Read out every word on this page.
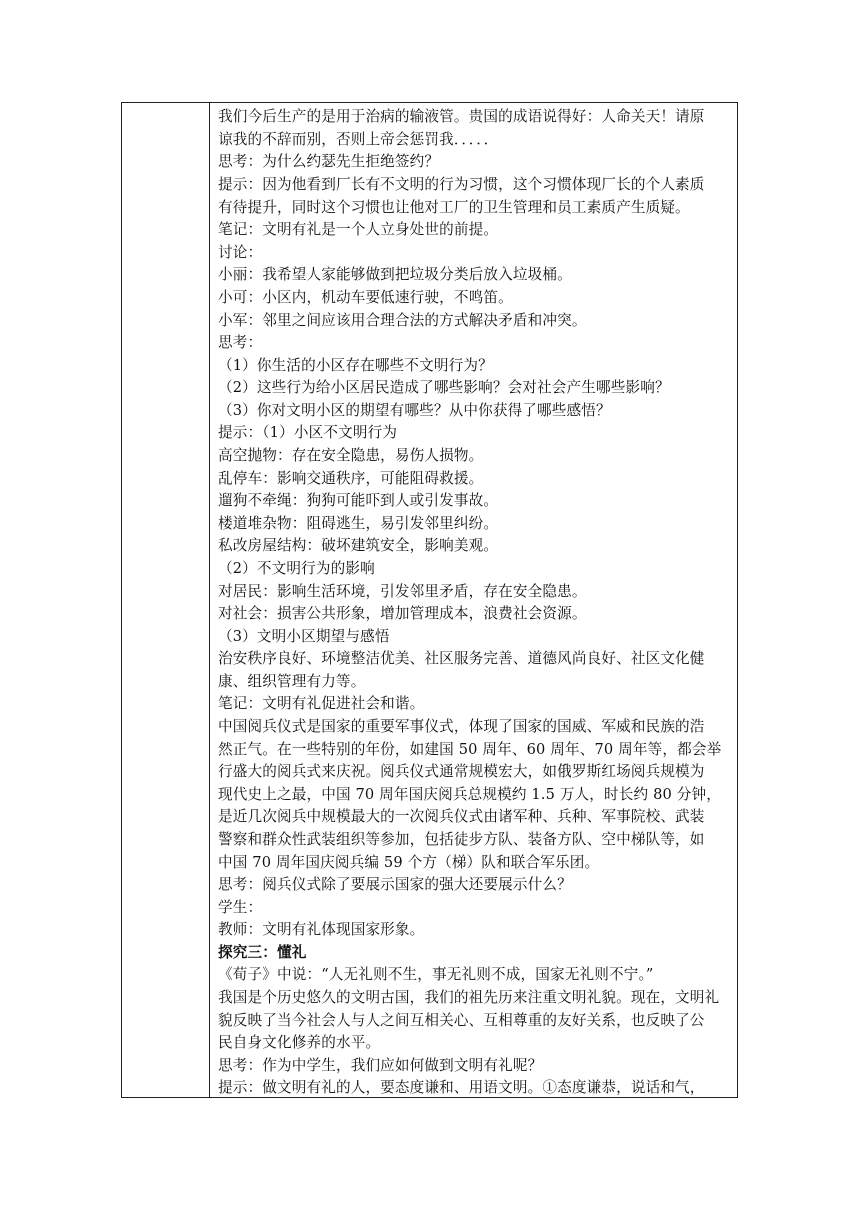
我们今后生产的是用于治病的输液管。贵国的成语说得好：人命关天！请原
谅我的不辞而别，否则上帝会惩罚我．．．．．
思考：为什么约瑟先生拒绝签约？
提示：因为他看到厂长有不文明的行为习惯，这个习惯体现厂长的个人素质
有待提升，同时这个习惯也让他对工厂的卫生管理和员工素质产生质疑。
笔记：文明有礼是一个人立身处世的前提。
讨论：
小丽：我希望人家能够做到把垃圾分类后放入垃圾桶。
小可：小区内，机动车要低速行驶，不鸣笛。
小军：邻里之间应该用合理合法的方式解决矛盾和冲突。
思考：
（1）你生活的小区存在哪些不文明行为？
（2）这些行为给小区居民造成了哪些影响？会对社会产生哪些影响？
（3）你对文明小区的期望有哪些？从中你获得了哪些感悟？
提示：（1）小区不文明行为
高空抛物：存在安全隐患，易伤人损物。
乱停车：影响交通秩序，可能阻碍救援。
遛狗不牵绳：狗狗可能吓到人或引发事故。
楼道堆杂物：阻碍逃生，易引发邻里纠纷。
私改房屋结构：破坏建筑安全，影响美观。
（2）不文明行为的影响
对居民：影响生活环境，引发邻里矛盾，存在安全隐患。
对社会：损害公共形象，增加管理成本，浪费社会资源。
（3）文明小区期望与感悟
治安秩序良好、环境整洁优美、社区服务完善、道德风尚良好、社区文化健
康、组织管理有力等。
笔记：文明有礼促进社会和谐。
中国阅兵仪式是国家的重要军事仪式，体现了国家的国威、军威和民族的浩
然正气。在一些特别的年份，如建国 50 周年、60 周年、70 周年等，都会举
行盛大的阅兵式来庆祝。阅兵仪式通常规模宏大，如俄罗斯红场阅兵规模为
现代史上之最，中国 70 周年国庆阅兵总规模约 1.5 万人，时长约 80 分钟，
是近几次阅兵中规模最大的一次阅兵仪式由诸军种、兵种、军事院校、武装
警察和群众性武装组织等参加，包括徒步方队、装备方队、空中梯队等，如
中国 70 周年国庆阅兵编 59 个方（梯）队和联合军乐团。
思考：阅兵仪式除了要展示国家的强大还要展示什么？
学生：
教师：文明有礼体现国家形象。
探究三：懂礼
《荀子》中说：“人无礼则不生，事无礼则不成，国家无礼则不宁。”
我国是个历史悠久的文明古国，我们的祖先历来注重文明礼貌。现在，文明礼
貌反映了当今社会人与人之间互相关心、互相尊重的友好关系，也反映了公
民自身文化修养的水平。
思考：作为中学生，我们应如何做到文明有礼呢？
提示：做文明有礼的人，要态度谦和、用语文明。①态度谦恭，说话和气，
